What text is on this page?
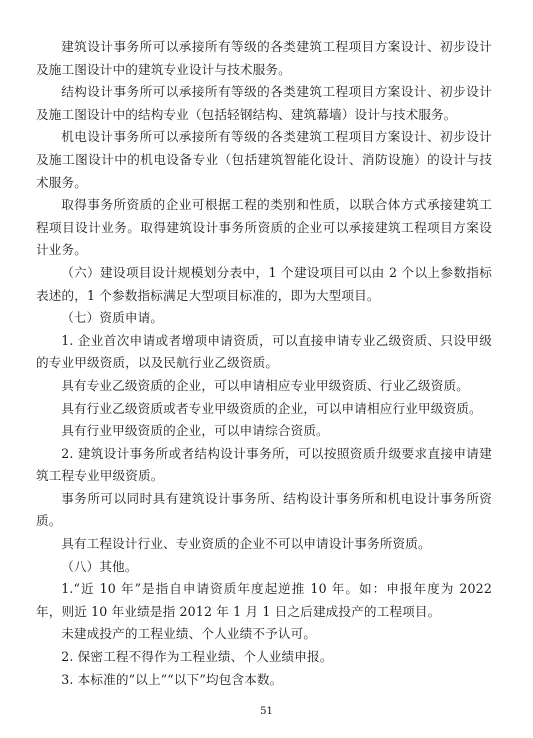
建筑设计事务所可以承接所有等级的各类建筑工程项目方案设计、初步设计及施工图设计中的建筑专业设计与技术服务。

结构设计事务所可以承接所有等级的各类建筑工程项目方案设计、初步设计及施工图设计中的结构专业（包括轻钢结构、建筑幕墙）设计与技术服务。

机电设计事务所可以承接所有等级的各类建筑工程项目方案设计、初步设计及施工图设计中的机电设备专业（包括建筑智能化设计、消防设施）的设计与技术服务。

取得事务所资质的企业可根据工程的类别和性质，以联合体方式承接建筑工程项目设计业务。取得建筑设计事务所资质的企业可以承接建筑工程项目方案设计业务。

（六）建设项目设计规模划分表中，1 个建设项目可以由 2 个以上参数指标表述的，1 个参数指标满足大型项目标准的，即为大型项目。

（七）资质申请。

1. 企业首次申请或者增项申请资质，可以直接申请专业乙级资质、只设甲级的专业甲级资质，以及民航行业乙级资质。

具有专业乙级资质的企业，可以申请相应专业甲级资质、行业乙级资质。

具有行业乙级资质或者专业甲级资质的企业，可以申请相应行业甲级资质。

具有行业甲级资质的企业，可以申请综合资质。

2. 建筑设计事务所或者结构设计事务所，可以按照资质升级要求直接申请建筑工程专业甲级资质。

事务所可以同时具有建筑设计事务所、结构设计事务所和机电设计事务所资质。

具有工程设计行业、专业资质的企业不可以申请设计事务所资质。

（八）其他。

1.“近 10 年”是指自申请资质年度起逆推 10 年。如：申报年度为 2022 年，则近 10 年业绩是指 2012 年 1 月 1 日之后建成投产的工程项目。

未建成投产的工程业绩、个人业绩不予认可。

2. 保密工程不得作为工程业绩、个人业绩申报。

3. 本标准的“以上”“以下”均包含本数。

51
